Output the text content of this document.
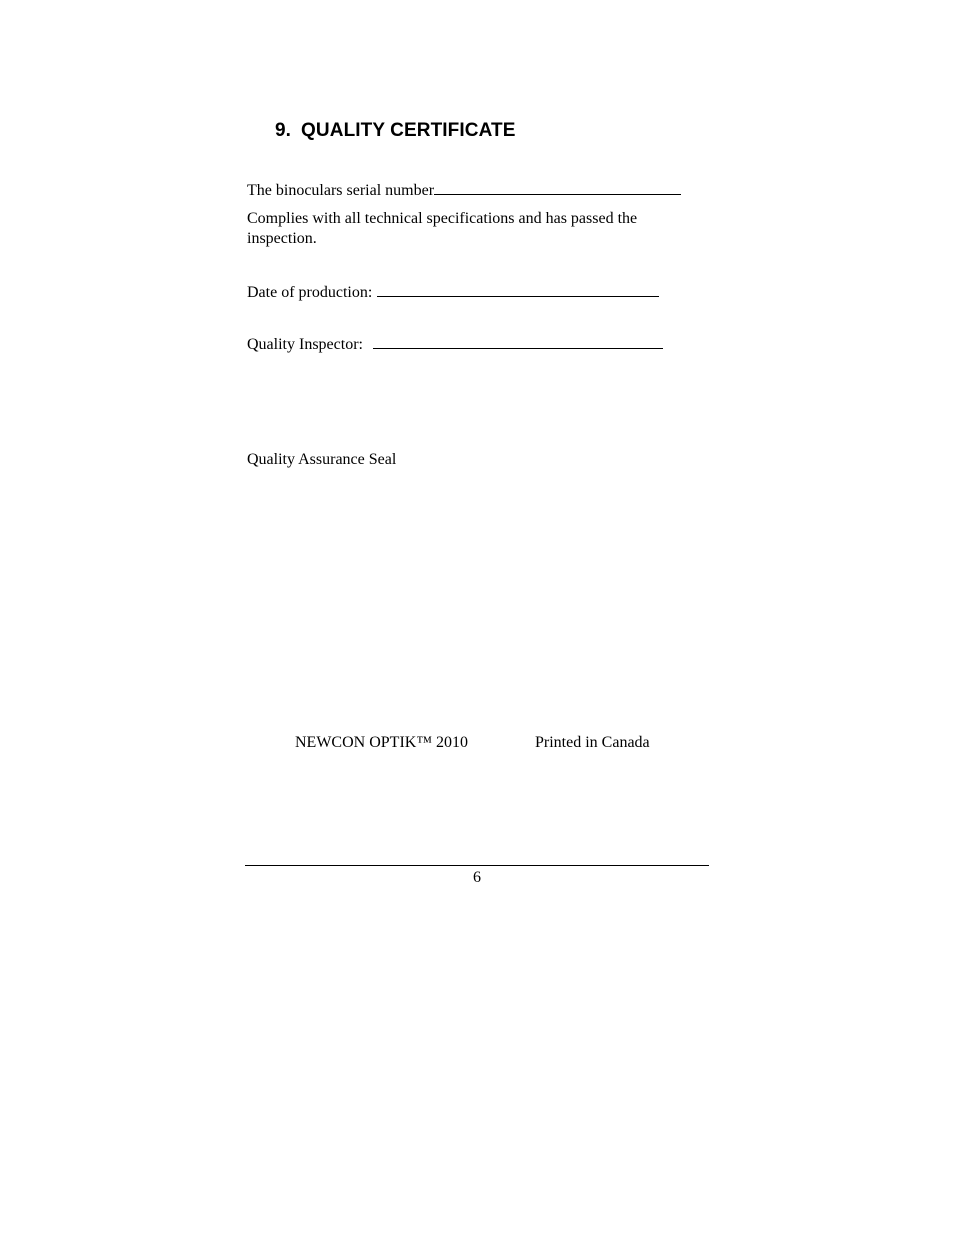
9. QUALITY CERTIFICATE
The binoculars serial number
Complies with all technical specifications and has passed the inspection.
Date of production:
Quality Inspector:
Quality Assurance Seal
NEWCON OPTIK™ 2010	Printed in Canada
6
